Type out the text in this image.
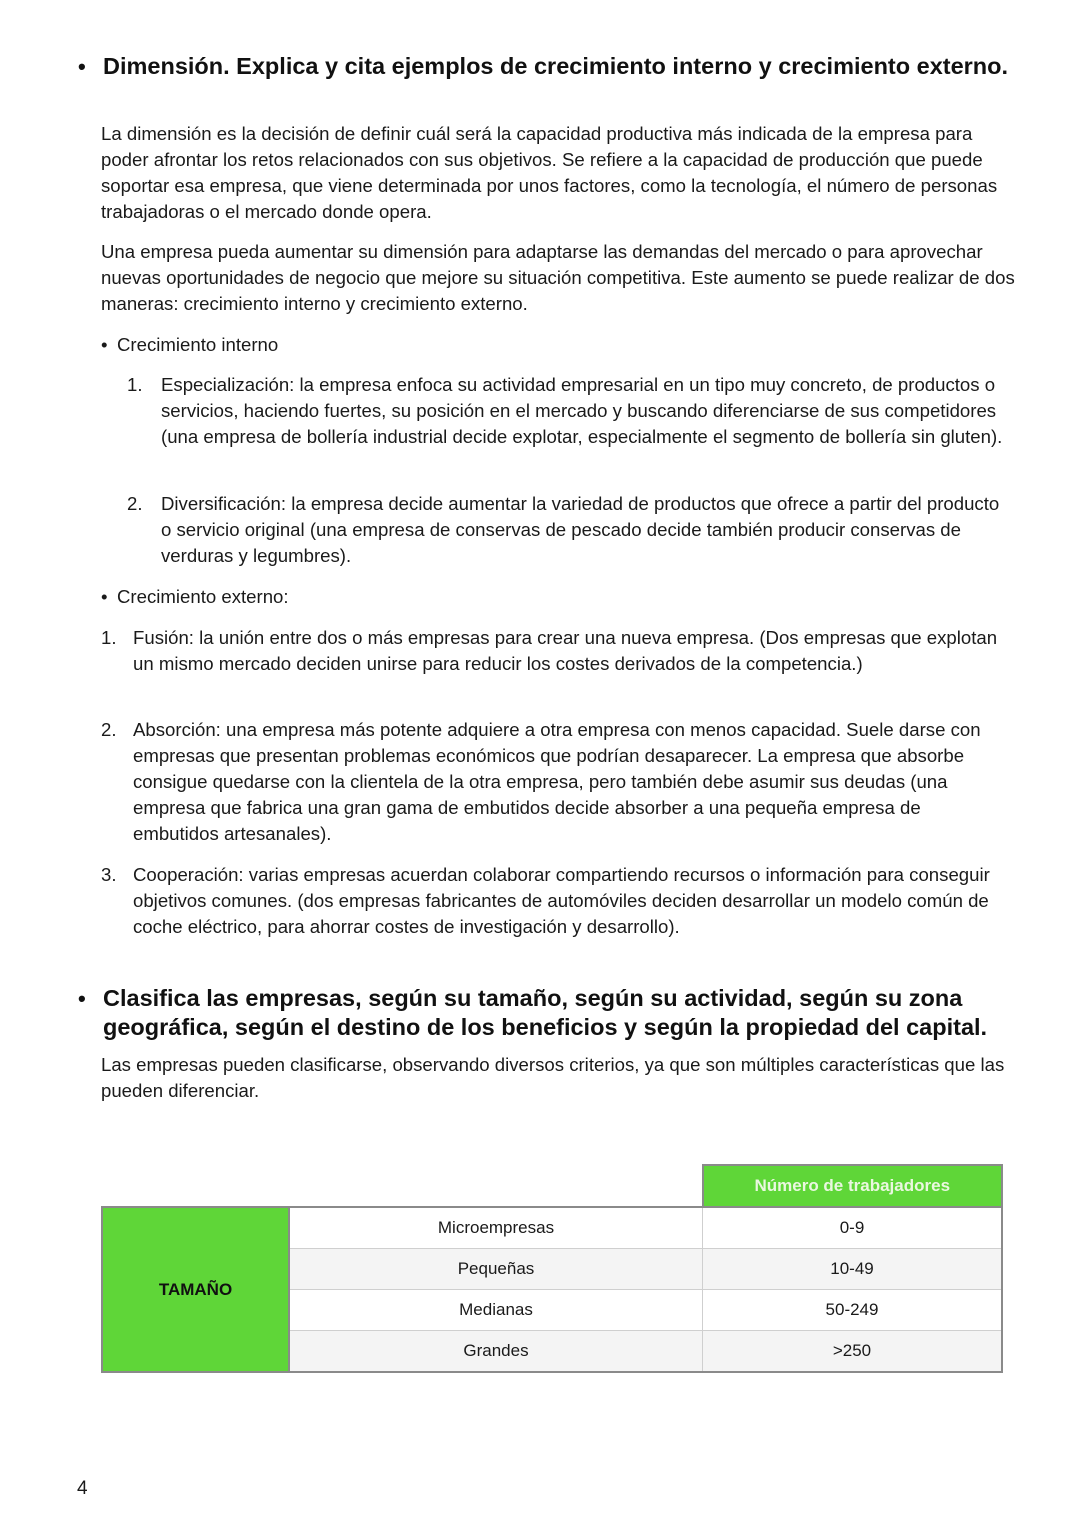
• Dimensión. Explica y cita ejemplos de crecimiento interno y crecimiento externo.

La dimensión es la decisión de definir cuál será la capacidad productiva más indicada de la empresa para poder afrontar los retos relacionados con sus objetivos. Se refiere a la capacidad de producción que puede soportar esa empresa, que viene determinada por unos factores, como la tecnología, el número de personas trabajadoras o el mercado donde opera.

Una empresa pueda aumentar su dimensión para adaptarse las demandas del mercado o para aprovechar nuevas oportunidades de negocio que mejore su situación competitiva. Este aumento se puede realizar de dos maneras: crecimiento interno y crecimiento externo.

• Crecimiento interno
1. Especialización: la empresa enfoca su actividad empresarial en un tipo muy concreto, de productos o servicios, haciendo fuertes, su posición en el mercado y buscando diferenciarse de sus competidores (una empresa de bollería industrial decide explotar, especialmente el segmento de bollería sin gluten).
2. Diversificación: la empresa decide aumentar la variedad de productos que ofrece a partir del producto o servicio original (una empresa de conservas de pescado decide también producir conservas de verduras y legumbres).
• Crecimiento externo:
1. Fusión: la unión entre dos o más empresas para crear una nueva empresa. (Dos empresas que explotan un mismo mercado deciden unirse para reducir los costes derivados de la competencia.)
2. Absorción: una empresa más potente adquiere a otra empresa con menos capacidad. Suele darse con empresas que presentan problemas económicos que podrían desaparecer. La empresa que absorbe consigue quedarse con la clientela de la otra empresa, pero también debe asumir sus deudas (una empresa que fabrica una gran gama de embutidos decide absorber a una pequeña empresa de embutidos artesanales).
3. Cooperación: varias empresas acuerdan colaborar compartiendo recursos o información para conseguir objetivos comunes. (dos empresas fabricantes de automóviles deciden desarrollar un modelo común de coche eléctrico, para ahorrar costes de investigación y desarrollo).
• Clasifica las empresas, según su tamaño, según su actividad, según su zona geográfica, según el destino de los beneficios y según la propiedad del capital.

Las empresas pueden clasificarse, observando diversos criterios, ya que son múltiples características que las pueden diferenciar.

		Número de trabajadores
TAMAÑO	Microempresas	0-9
	Pequeñas	10-49
	Medianas	50-249
	Grandes	>250
4
